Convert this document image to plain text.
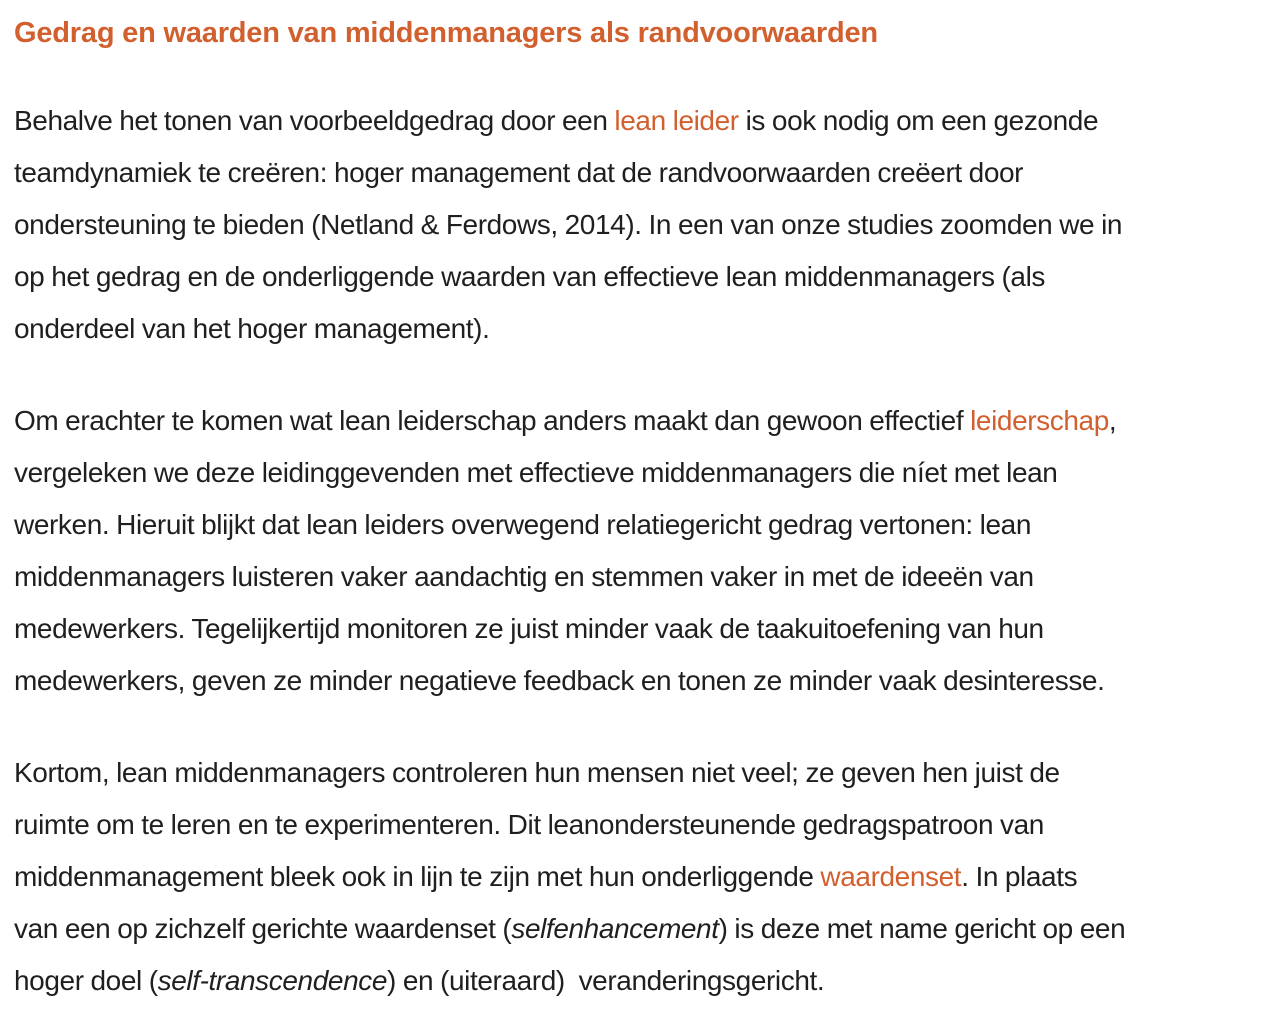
Gedrag en waarden van middenmanagers als randvoorwaarden

Behalve het tonen van voorbeeldgedrag door een lean leider is ook nodig om een gezonde
teamdynamiek te creëren: hoger management dat de randvoorwaarden creëert door
ondersteuning te bieden (Netland & Ferdows, 2014). In een van onze studies zoomden we in
op het gedrag en de onderliggende waarden van effectieve lean middenmanagers (als
onderdeel van het hoger management).

Om erachter te komen wat lean leiderschap anders maakt dan gewoon effectief leiderschap,
vergeleken we deze leidinggevenden met effectieve middenmanagers die níet met lean
werken. Hieruit blijkt dat lean leiders overwegend relatiegericht gedrag vertonen: lean
middenmanagers luisteren vaker aandachtig en stemmen vaker in met de ideeën van
medewerkers. Tegelijkertijd monitoren ze juist minder vaak de taakuitoefening van hun
medewerkers, geven ze minder negatieve feedback en tonen ze minder vaak desinteresse.

Kortom, lean middenmanagers controleren hun mensen niet veel; ze geven hen juist de
ruimte om te leren en te experimenteren. Dit leanondersteunende gedragspatroon van
middenmanagement bleek ook in lijn te zijn met hun onderliggende waardenset. In plaats
van een op zichzelf gerichte waardenset (selfenhancement) is deze met name gericht op een
hoger doel (self-transcendence) en (uiteraard)  veranderingsgericht.
